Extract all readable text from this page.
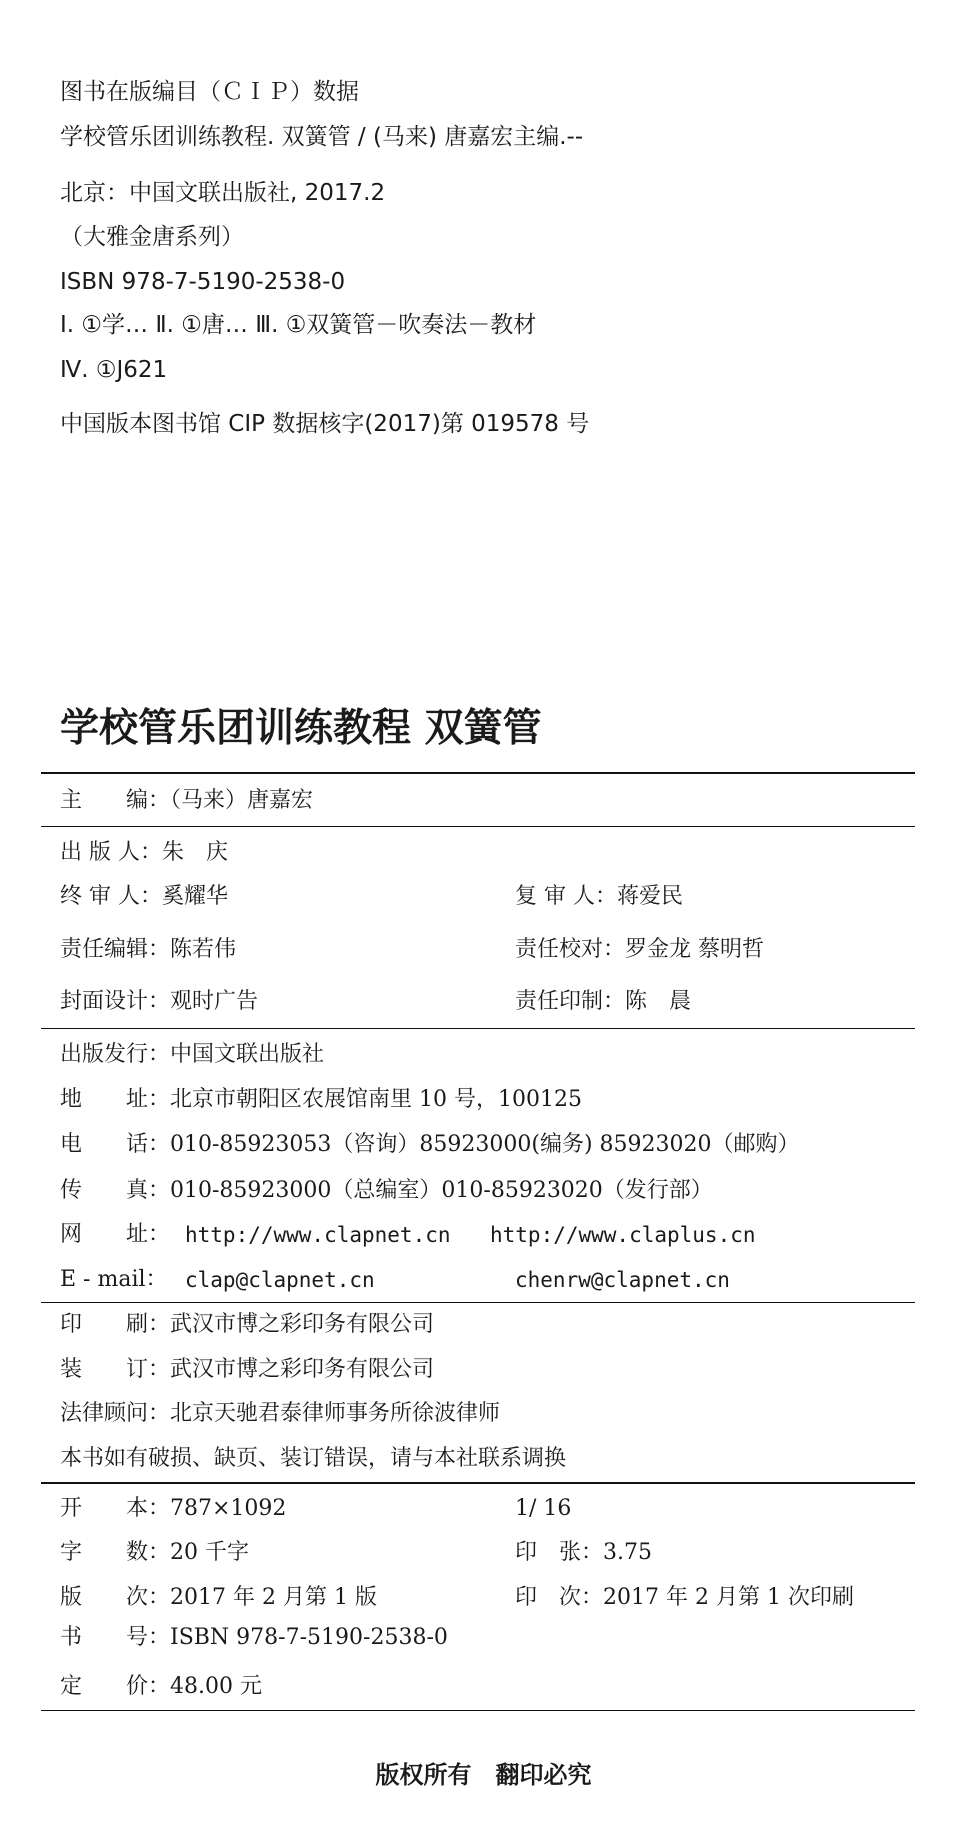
图书在版编目（ＣＩＰ）数据
学校管乐团训练教程. 双簧管 / (马来) 唐嘉宏主编.--
北京：中国文联出版社, 2017.2
（大雅金唐系列）
ISBN 978-7-5190-2538-0
Ⅰ. ①学… Ⅱ. ①唐… Ⅲ. ①双簧管－吹奏法－教材
Ⅳ. ①J621
中国版本图书馆 CIP 数据核字(2017)第 019578 号
学校管乐团训练教程 双簧管
主　　编：（马来）唐嘉宏
出 版 人：朱　庆
终 审 人：奚耀华	复 审 人：蒋爱民
责任编辑：陈若伟	责任校对：罗金龙 蔡明哲
封面设计：观时广告	责任印制：陈　晨
出版发行：中国文联出版社
地　　址：北京市朝阳区农展馆南里 10 号，100125
电　　话：010-85923053（咨询）85923000(编务) 85923020（邮购）
传　　真：010-85923000（总编室）010-85923020（发行部）
网　　址： http://www.clapnet.cn http://www.claplus.cn
E - mail： clap@clapnet.cn	chenrw@clapnet.cn
印　　刷：武汉市博之彩印务有限公司
装　　订：武汉市博之彩印务有限公司
法律顾问：北京天驰君泰律师事务所徐波律师
本书如有破损、缺页、装订错误，请与本社联系调换
开　　本：787×1092	1/ 16
字　　数：20 千字	印　张：3.75
版　　次：2017 年 2 月第 1 版	印　次：2017 年 2 月第 1 次印刷
书　　号：ISBN 978-7-5190-2538-0
定　　价：48.00 元
版权所有　翻印必究
